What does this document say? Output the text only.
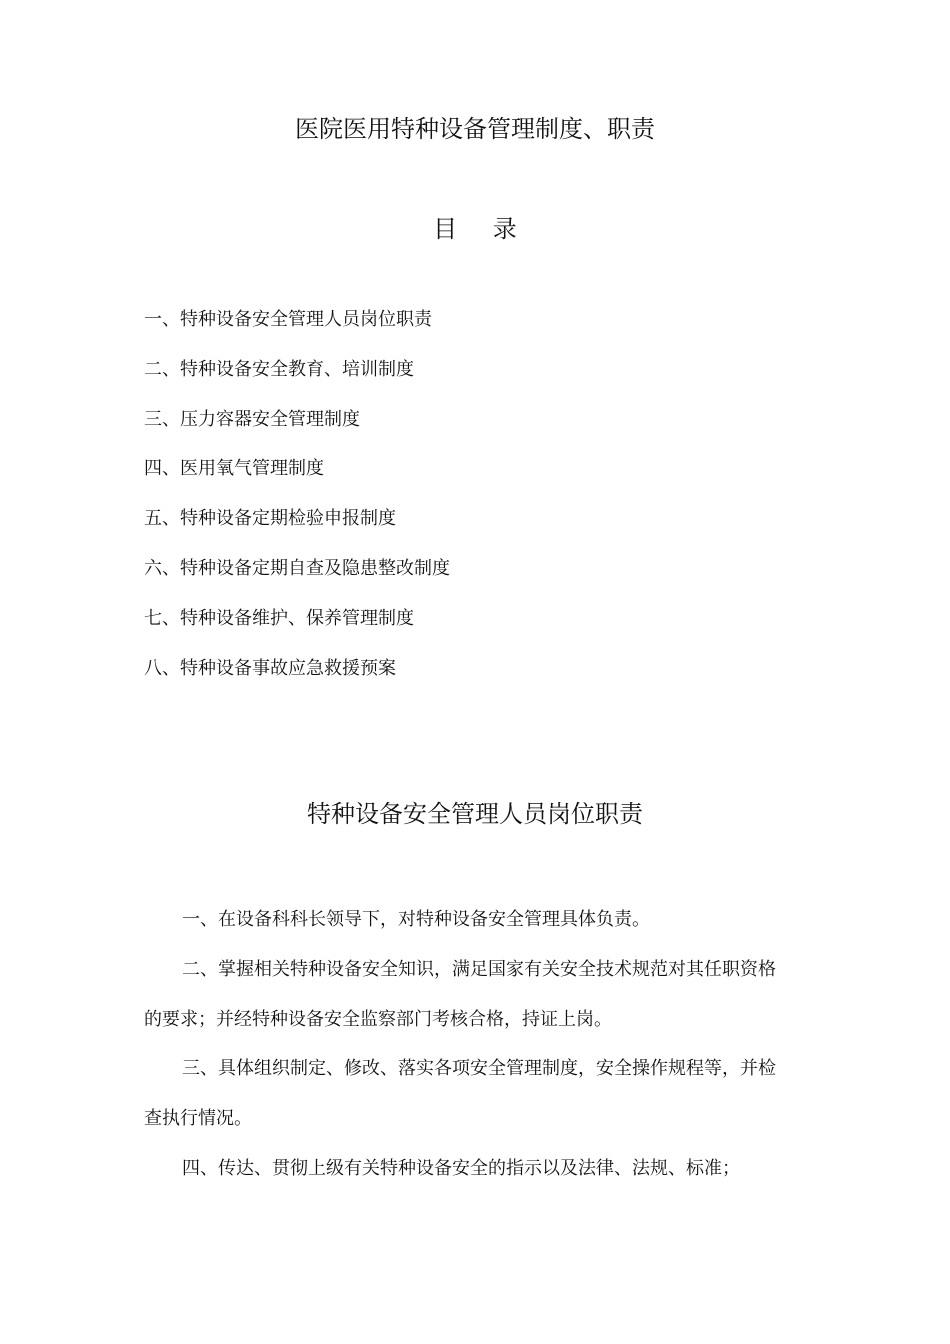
医院医用特种设备管理制度、职责
目 录
一、特种设备安全管理人员岗位职责
二、特种设备安全教育、培训制度
三、压力容器安全管理制度
四、医用氧气管理制度
五、特种设备定期检验申报制度
六、特种设备定期自查及隐患整改制度
七、特种设备维护、保养管理制度
八、特种设备事故应急救援预案
特种设备安全管理人员岗位职责
一、在设备科科长领导下，对特种设备安全管理具体负责。
二、掌握相关特种设备安全知识，满足国家有关安全技术规范对其任职资格
的要求；并经特种设备安全监察部门考核合格，持证上岗。
三、具体组织制定、修改、落实各项安全管理制度，安全操作规程等，并检
查执行情况。
四、传达、贯彻上级有关特种设备安全的指示以及法律、法规、标准；
